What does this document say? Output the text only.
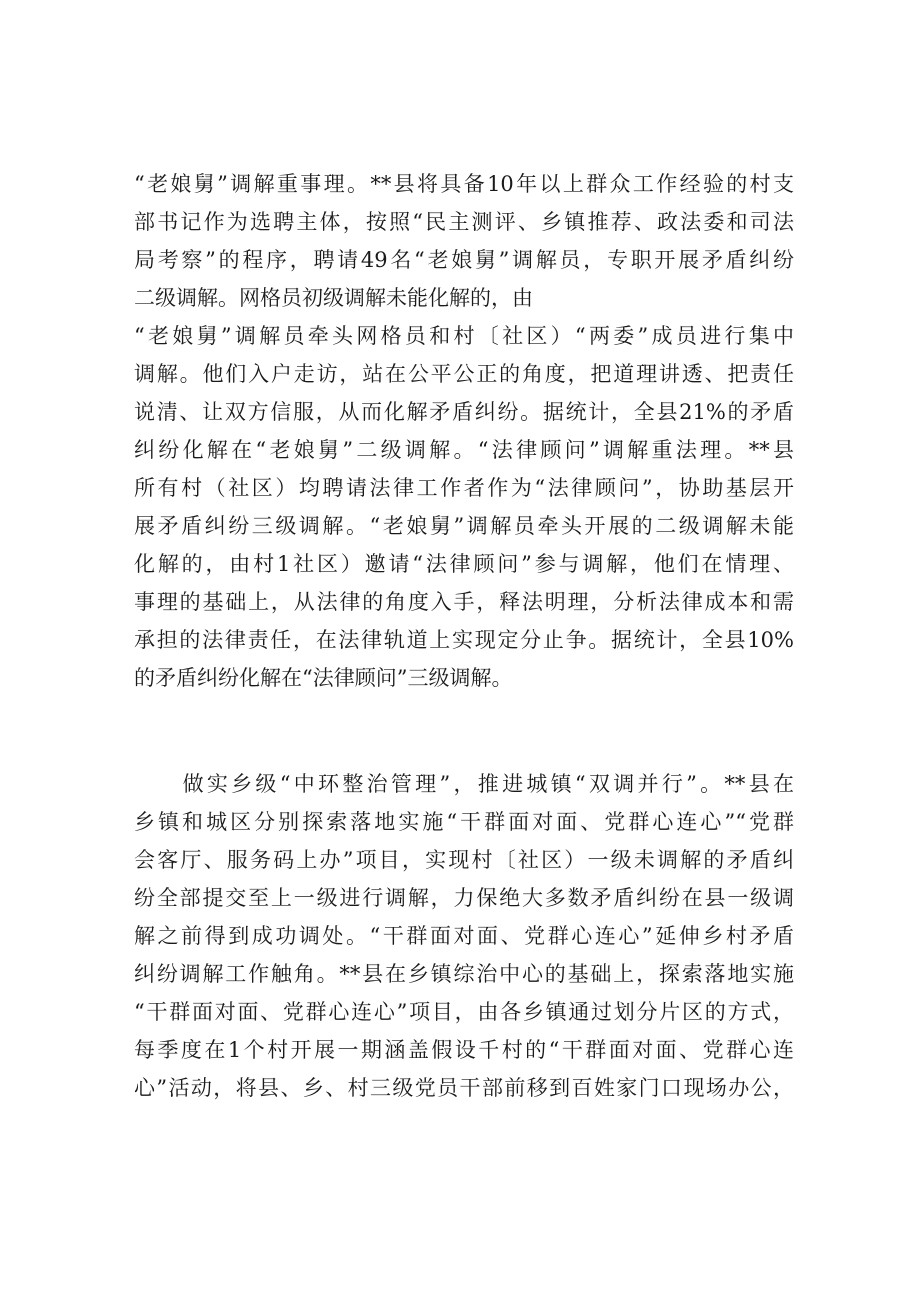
“老娘舅”调解重事理。**县将具备10年以上群众工作经验的村支
部书记作为选聘主体，按照“民主测评、乡镇推荐、政法委和司法
局考察”的程序，聘请49名“老娘舅”调解员，专职开展矛盾纠纷
二级调解。网格员初级调解未能化解的，由
“老娘舅”调解员牵头网格员和村〔社区）“两委”成员进行集中
调解。他们入户走访，站在公平公正的角度，把道理讲透、把责任
说清、让双方信服，从而化解矛盾纠纷。据统计，全县21%的矛盾
纠纷化解在“老娘舅”二级调解。“法律顾问”调解重法理。**县
所有村（社区）均聘请法律工作者作为“法律顾问”，协助基层开
展矛盾纠纷三级调解。“老娘舅”调解员牵头开展的二级调解未能
化解的，由村1社区）邀请“法律顾问”参与调解，他们在情理、
事理的基础上，从法律的角度入手，释法明理，分析法律成本和需
承担的法律责任，在法律轨道上实现定分止争。据统计，全县10%
的矛盾纠纷化解在“法律顾问”三级调解。
　　做实乡级“中环整治管理”，推进城镇“双调并行”。**县在
乡镇和城区分别探索落地实施“干群面对面、党群心连心”“党群
会客厅、服务码上办”项目，实现村〔社区）一级未调解的矛盾纠
纷全部提交至上一级进行调解，力保绝大多数矛盾纠纷在县一级调
解之前得到成功调处。“干群面对面、党群心连心”延伸乡村矛盾
纠纷调解工作触角。**县在乡镇综治中心的基础上，探索落地实施
“干群面对面、党群心连心”项目，由各乡镇通过划分片区的方式，
每季度在1个村开展一期涵盖假设千村的“干群面对面、党群心连
心”活动，将县、乡、村三级党员干部前移到百姓家门口现场办公，
